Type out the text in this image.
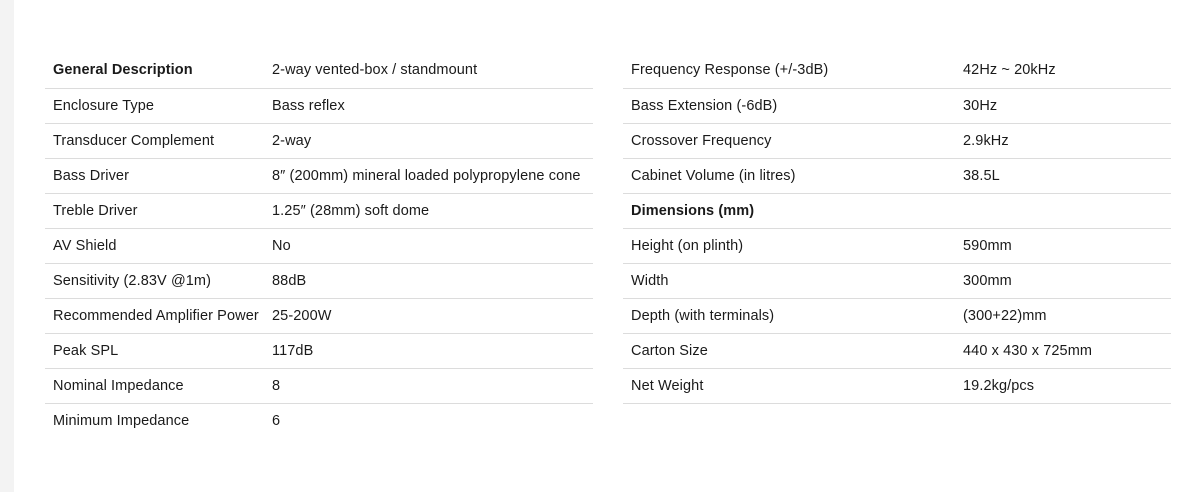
General Description	2-way vented-box / standmount
Enclosure Type	Bass reflex
Transducer Complement	2-way
Bass Driver	8″ (200mm) mineral loaded polypropylene cone
Treble Driver	1.25″ (28mm) soft dome
AV Shield	No
Sensitivity (2.83V @1m)	88dB
Recommended Amplifier Power	25-200W
Peak SPL	117dB
Nominal Impedance	8
Minimum Impedance	6
Frequency Response (+/-3dB)	42Hz ~ 20kHz
Bass Extension (-6dB)	30Hz
Crossover Frequency	2.9kHz
Cabinet Volume (in litres)	38.5L
Dimensions (mm)	
Height (on plinth)	590mm
Width	300mm
Depth (with terminals)	(300+22)mm
Carton Size	440 x 430 x 725mm
Net Weight	19.2kg/pcs
